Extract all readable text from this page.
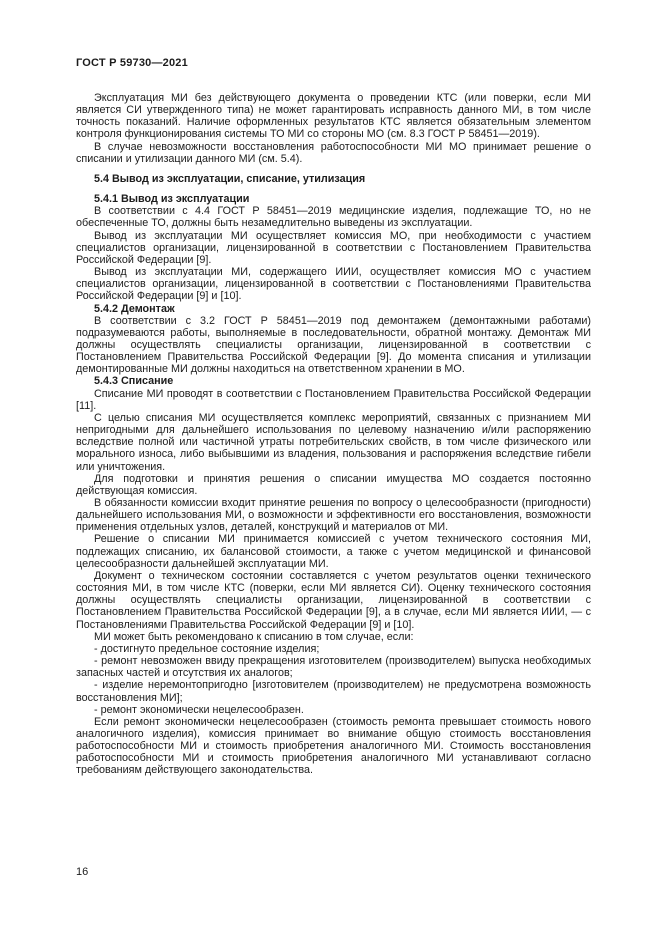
ГОСТ Р 59730—2021

Эксплуатация МИ без действующего документа о проведении КТС (или поверки, если МИ является СИ утвержденного типа) не может гарантировать исправность данного МИ, в том числе точность показаний. Наличие оформленных результатов КТС является обязательным элементом контроля функционирования системы ТО МИ со стороны МО (см. 8.3 ГОСТ Р 58451—2019).

В случае невозможности восстановления работоспособности МИ МО принимает решение о списании и утилизации данного МИ (см. 5.4).

5.4 Вывод из эксплуатации, списание, утилизация

5.4.1 Вывод из эксплуатации

В соответствии с 4.4 ГОСТ Р 58451—2019 медицинские изделия, подлежащие ТО, но не обеспеченные ТО, должны быть незамедлительно выведены из эксплуатации.

Вывод из эксплуатации МИ осуществляет комиссия МО, при необходимости с участием специалистов организации, лицензированной в соответствии с Постановлением Правительства Российской Федерации [9].

Вывод из эксплуатации МИ, содержащего ИИИ, осуществляет комиссия МО с участием специалистов организации, лицензированной в соответствии с Постановлениями Правительства Российской Федерации [9] и [10].

5.4.2 Демонтаж

В соответствии с 3.2 ГОСТ Р 58451—2019 под демонтажем (демонтажными работами) подразумеваются работы, выполняемые в последовательности, обратной монтажу. Демонтаж МИ должны осуществлять специалисты организации, лицензированной в соответствии с Постановлением Правительства Российской Федерации [9]. До момента списания и утилизации демонтированные МИ должны находиться на ответственном хранении в МО.

5.4.3 Списание

Списание МИ проводят в соответствии с Постановлением Правительства Российской Федерации [11].

С целью списания МИ осуществляется комплекс мероприятий, связанных с признанием МИ непригодными для дальнейшего использования по целевому назначению и/или распоряжению вследствие полной или частичной утраты потребительских свойств, в том числе физического или морального износа, либо выбывшими из владения, пользования и распоряжения вследствие гибели или уничтожения.

Для подготовки и принятия решения о списании имущества МО создается постоянно действующая комиссия.

В обязанности комиссии входит принятие решения по вопросу о целесообразности (пригодности) дальнейшего использования МИ, о возможности и эффективности его восстановления, возможности применения отдельных узлов, деталей, конструкций и материалов от МИ.

Решение о списании МИ принимается комиссией с учетом технического состояния МИ, подлежащих списанию, их балансовой стоимости, а также с учетом медицинской и финансовой целесообразности дальнейшей эксплуатации МИ.

Документ о техническом состоянии составляется с учетом результатов оценки технического состояния МИ, в том числе КТС (поверки, если МИ является СИ). Оценку технического состояния должны осуществлять специалисты организации, лицензированной в соответствии с Постановлением Правительства Российской Федерации [9], а в случае, если МИ является ИИИ, — с Постановлениями Правительства Российской Федерации [9] и [10].

МИ может быть рекомендовано к списанию в том случае, если:

- достигнуто предельное состояние изделия;

- ремонт невозможен ввиду прекращения изготовителем (производителем) выпуска необходимых запасных частей и отсутствия их аналогов;

- изделие неремонтопригодно [изготовителем (производителем) не предусмотрена возможность восстановления МИ];

- ремонт экономически нецелесообразен.

Если ремонт экономически нецелесообразен (стоимость ремонта превышает стоимость нового аналогичного изделия), комиссия принимает во внимание общую стоимость восстановления работоспособности МИ и стоимость приобретения аналогичного МИ. Стоимость восстановления работоспособности МИ и стоимость приобретения аналогичного МИ устанавливают согласно требованиям действующего законодательства.

16
